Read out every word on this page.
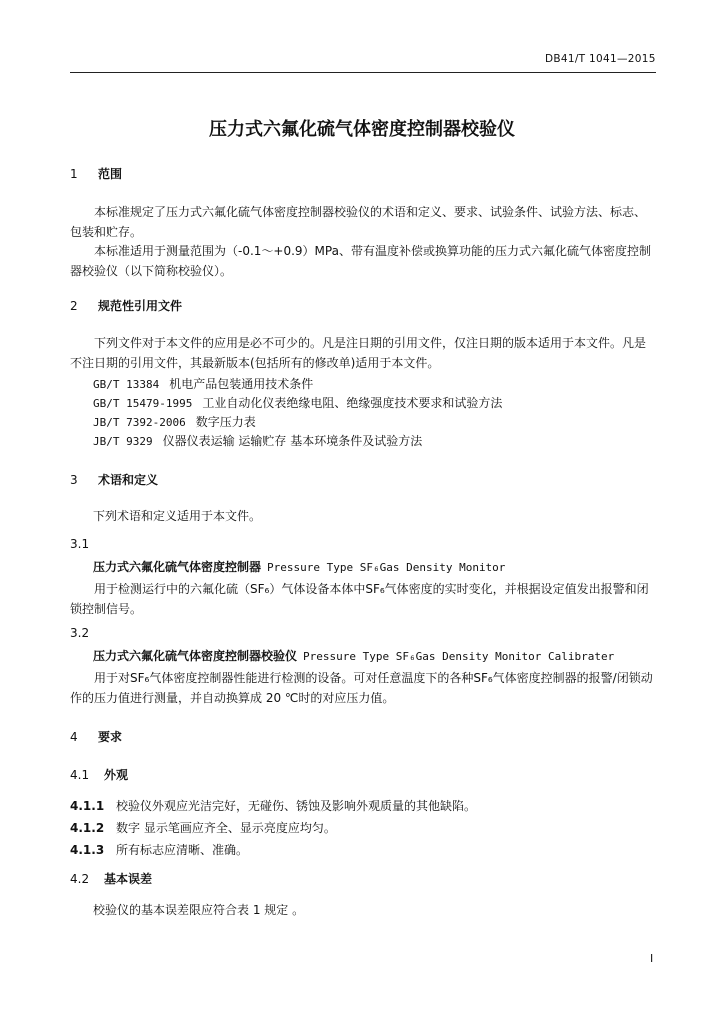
DB41/T 1041—2015
压力式六氟化硫气体密度控制器校验仪
1 范围
本标准规定了压力式六氟化硫气体密度控制器校验仪的术语和定义、要求、试验条件、试验方法、标志、包装和贮存。
本标准适用于测量范围为（-0.1～+0.9）MPa、带有温度补偿或换算功能的压力式六氟化硫气体密度控制器校验仪（以下简称校验仪）。
2 规范性引用文件
下列文件对于本文件的应用是必不可少的。凡是注日期的引用文件，仅注日期的版本适用于本文件。凡是不注日期的引用文件，其最新版本(包括所有的修改单)适用于本文件。
GB/T 13384 机电产品包装通用技术条件
GB/T 15479-1995 工业自动化仪表绝缘电阻、绝缘强度技术要求和试验方法
JB/T 7392-2006 数字压力表
JB/T 9329 仪器仪表运输 运输贮存 基本环境条件及试验方法
3 术语和定义
下列术语和定义适用于本文件。
3.1
压力式六氟化硫气体密度控制器 Pressure Type SF₆Gas Density Monitor
用于检测运行中的六氟化硫（SF₆）气体设备本体中SF₆气体密度的实时变化，并根据设定值发出报警和闭锁控制信号。
3.2
压力式六氟化硫气体密度控制器校验仪 Pressure Type SF₆Gas Density Monitor Calibrater
用于对SF₆气体密度控制器性能进行检测的设备。可对任意温度下的各种SF₆气体密度控制器的报警/闭锁动作的压力值进行测量，并自动换算成 20 ℃时的对应压力值。
4 要求
4.1 外观
4.1.1 校验仪外观应光洁完好，无碰伤、锈蚀及影响外观质量的其他缺陷。
4.1.2 数字 显示笔画应齐全、显示亮度应均匀。
4.1.3 所有标志应清晰、准确。
4.2 基本误差
校验仪的基本误差限应符合表 1 规定 。
I
